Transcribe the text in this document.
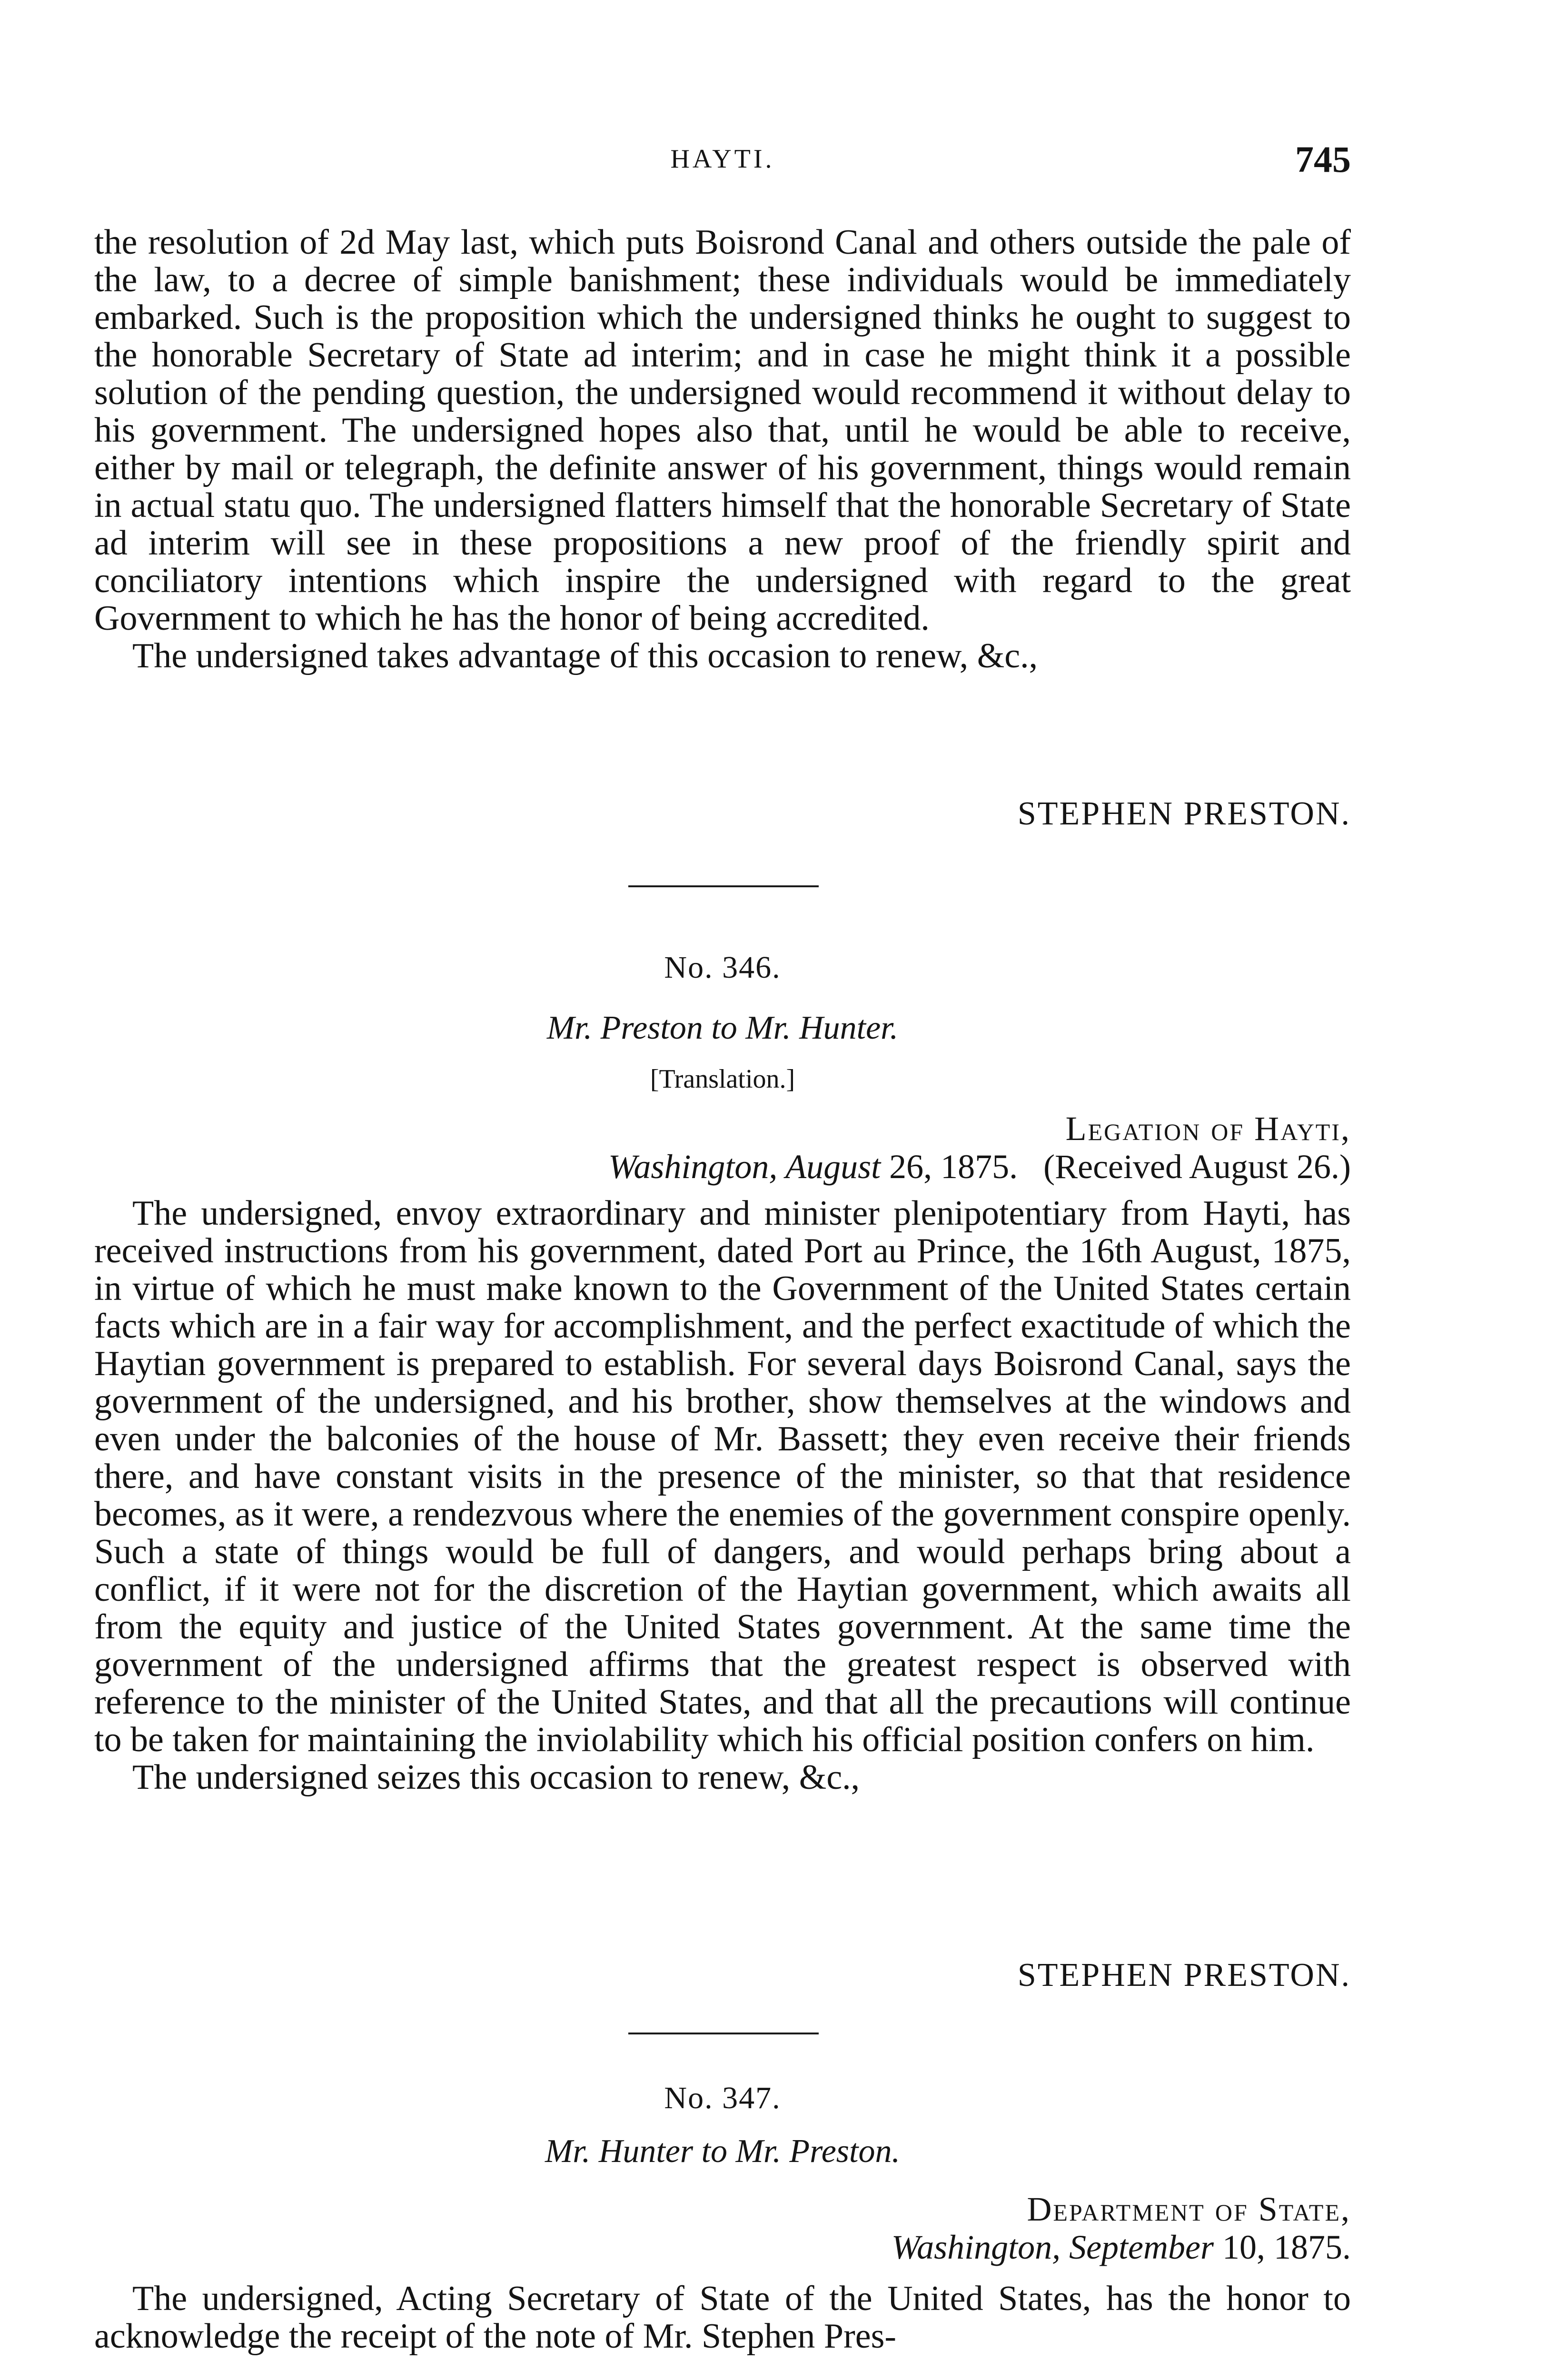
HAYTI.	745

the resolution of 2d May last, which puts Boisrond Canal and others outside the pale of the law, to a decree of simple banishment; these individuals would be immediately embarked. Such is the proposition which the undersigned thinks he ought to suggest to the honorable Secretary of State ad interim; and in case he might think it a possible solution of the pending question, the undersigned would recommend it without delay to his government. The undersigned hopes also that, until he would be able to receive, either by mail or telegraph, the definite answer of his government, things would remain in actual statu quo. The undersigned flatters himself that the honorable Secretary of State ad interim will see in these propositions a new proof of the friendly spirit and conciliatory intentions which inspire the undersigned with regard to the great Government to which he has the honor of being accredited.

The undersigned takes advantage of this occasion to renew, &c.,

STEPHEN PRESTON.
No. 346.
Mr. Preston to Mr. Hunter.
[Translation.]
Legation of Hayti,
Washington, August 26, 1875. (Received August 26.)

The undersigned, envoy extraordinary and minister plenipotentiary from Hayti, has received instructions from his government, dated Port au Prince, the 16th August, 1875, in virtue of which he must make known to the Government of the United States certain facts which are in a fair way for accomplishment, and the perfect exactitude of which the Haytian government is prepared to establish. For several days Boisrond Canal, says the government of the undersigned, and his brother, show themselves at the windows and even under the balconies of the house of Mr. Bassett; they even receive their friends there, and have constant visits in the presence of the minister, so that that residence becomes, as it were, a rendezvous where the enemies of the government conspire openly. Such a state of things would be full of dangers, and would perhaps bring about a conflict, if it were not for the discretion of the Haytian government, which awaits all from the equity and justice of the United States government. At the same time the government of the undersigned affirms that the greatest respect is observed with reference to the minister of the United States, and that all the precautions will continue to be taken for maintaining the inviolability which his official position confers on him.

The undersigned seizes this occasion to renew, &c.,

STEPHEN PRESTON.
No. 347.
Mr. Hunter to Mr. Preston.
Department of State,
Washington, September 10, 1875.

The undersigned, Acting Secretary of State of the United States, has the honor to acknowledge the receipt of the note of Mr. Stephen Pres-
